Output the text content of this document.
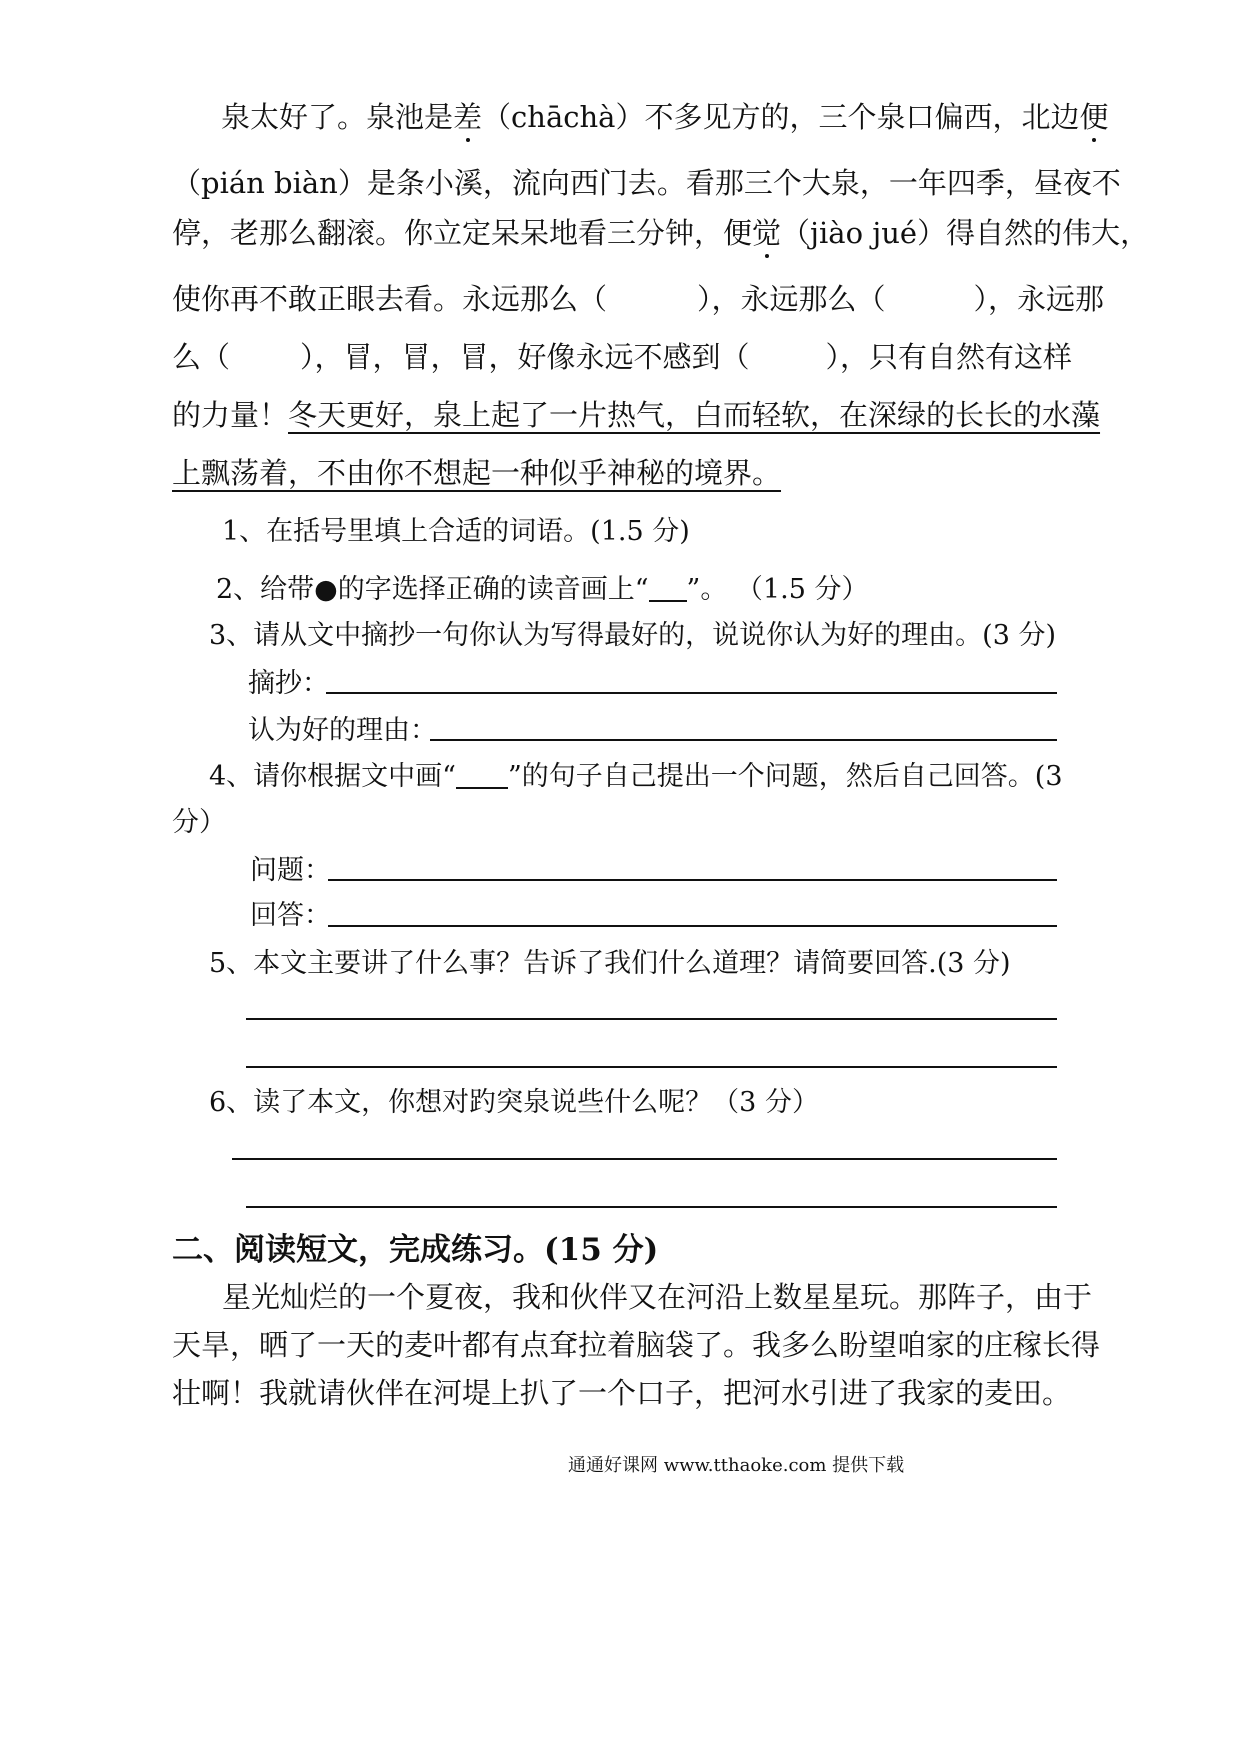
泉太好了。泉池是差（chāchà）不多见方的，三个泉口偏西，北边便
（pián biàn）是条小溪，流向西门去。看那三个大泉，一年四季，昼夜不
停，老那么翻滚。你立定呆呆地看三分钟，便觉（jiào jué）得自然的伟大，
使你再不敢正眼去看。永远那么（	），永远那么（	），永远那
么（ ），冒，冒，冒，好像永远不感到（	），只有自然有这样
的力量！冬天更好，泉上起了一片热气，白而轻软，在深绿的长长的水藻
上飘荡着，不由你不想起一种似乎神秘的境界。
1、在括号里填上合适的词语。(1.5 分)
2、给带●的字选择正确的读音画上“ ”。 （1.5 分）
3、请从文中摘抄一句你认为写得最好的，说说你认为好的理由。(3 分)
摘抄：
认为好的理由：
4、请你根据文中画“ ”的句子自己提出一个问题，然后自己回答。(3
分）
问题：
回答：
5、本文主要讲了什么事？告诉了我们什么道理？请简要回答.(3 分)
6、读了本文，你想对趵突泉说些什么呢？（3 分）
二、阅读短文，完成练习。(15 分)
星光灿烂的一个夏夜，我和伙伴又在河沿上数星星玩。那阵子，由于
天旱，晒了一天的麦叶都有点耷拉着脑袋了。我多么盼望咱家的庄稼长得
壮啊！我就请伙伴在河堤上扒了一个口子，把河水引进了我家的麦田。
通通好课网 www.tthaoke.com 提供下载
